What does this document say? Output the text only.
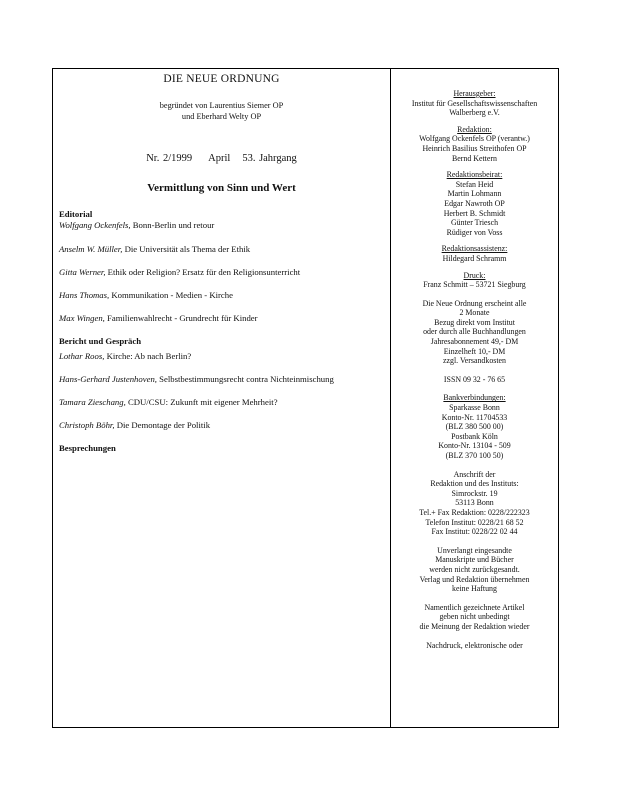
DIE NEUE ORDNUNG
begründet von Laurentius Siemer OP
und Eberhard Welty OP
Nr. 2/1999 April 53. Jahrgang
Vermittlung von Sinn und Wert
Editorial
Wolfgang Ockenfels, Bonn-Berlin und retour
Anselm W. Müller, Die Universität als Thema der Ethik
Gitta Werner, Ethik oder Religion? Ersatz für den Religionsunterricht
Hans Thomas, Kommunikation - Medien - Kirche
Max Wingen, Familienwahlrecht - Grundrecht für Kinder
Bericht und Gespräch
Lothar Roos, Kirche: Ab nach Berlin?
Hans-Gerhard Justenhoven, Selbstbestimmungsrecht contra Nichteinmischung
Tamara Zieschang, CDU/CSU: Zukunft mit eigener Mehrheit?
Christoph Böhr, Die Demontage der Politik
Besprechungen
Herausgeber:
Institut für Gesellschaftswissenschaften
Walberberg e.V.
Redaktion:
Wolfgang Ockenfels OP (verantw.)
Heinrich Basilius Streithofen OP
Bernd Kettern
Redaktionsbeirat:
Stefan Heid
Martin Lohmann
Edgar Nawroth OP
Herbert B. Schmidt
Günter Triesch
Rüdiger von Voss
Redaktionsassistenz:
Hildegard Schramm
Druck:
Franz Schmitt – 53721 Siegburg
Die Neue Ordnung erscheint alle
2 Monate
Bezug direkt vom Institut
oder durch alle Buchhandlungen
Jahresabonnement 49,- DM
Einzelheft 10,- DM
zzgl. Versandkosten
ISSN 09 32 - 76 65
Bankverbindungen:
Sparkasse Bonn
Konto-Nr. 11704533
(BLZ 380 500 00)
Postbank Köln
Konto-Nr. 13104 - 509
(BLZ 370 100 50)
Anschrift der
Redaktion und des Instituts:
Simrockstr. 19
53113 Bonn
Tel.+ Fax Redaktion: 0228/222323
Telefon Institut: 0228/21 68 52
Fax Institut: 0228/22 02 44
Unverlangt eingesandte
Manuskripte und Bücher
werden nicht zurückgesandt.
Verlag und Redaktion übernehmen
keine Haftung
Namentlich gezeichnete Artikel
geben nicht unbedingt
die Meinung der Redaktion wieder
Nachdruck, elektronische oder
